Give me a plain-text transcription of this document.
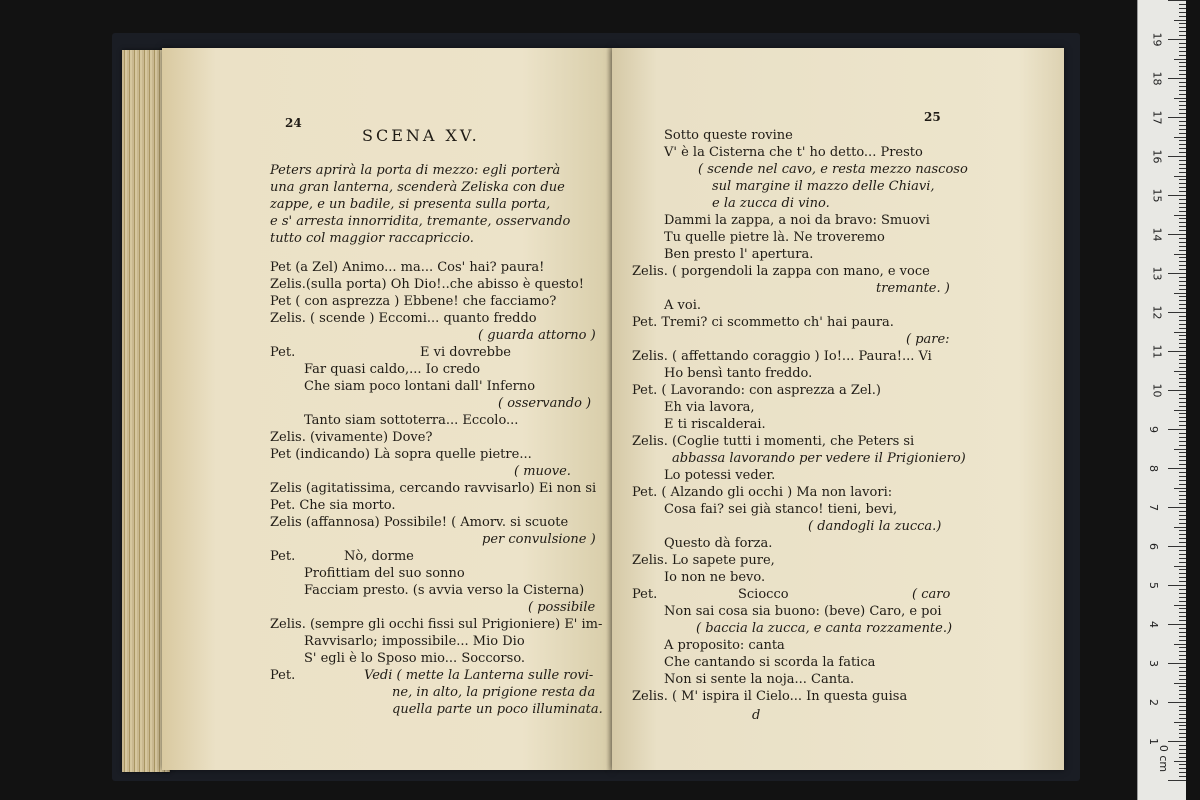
24
SCENA XV.
Peters aprirà la porta di mezzo: egli porterà
una gran lanterna, scenderà Zeliska con due
zappe, e un badile, si presenta sulla porta,
e s' arresta innorridita, tremante, osservando
tutto col maggior raccapriccio.
Pet (a Zel) Animo... ma... Cos' hai? paura!
Zelis.(sulla porta) Oh Dio!..che abisso è questo!
Pet ( con asprezza ) Ebbene! che facciamo?
Zelis. ( scende ) Eccomi... quanto freddo
( guarda attorno )
Pet.	E vi dovrebbe
Far quasi caldo,... Io credo
Che siam poco lontani dall' Inferno
( osservando )
Tanto siam sottoterra... Eccolo...
Zelis. (vivamente) Dove?
Pet (indicando) Là sopra quelle pietre...
( muove.
Zelis (agitatissima, cercando ravvisarlo) Ei non si
Pet. Che sia morto.
Zelis (affannosa) Possibile! ( Amorv. si scuote
per convulsione )
Pet.	Nò, dorme
Profittiam del suo sonno
Facciam presto. (s avvia verso la Cisterna)
( possibile
Zelis. (sempre gli occhi fissi sul Prigioniere) E' im-
Ravvisarlo; impossibile... Mio Dio
S' egli è lo Sposo mio... Soccorso.
Pet.	Vedi ( mette la Lanterna sulle rovi-
ne, in alto, la prigione resta da
quella parte un poco illuminata.
25
Sotto queste rovine
V' è la Cisterna che t' ho detto... Presto
( scende nel cavo, e resta mezzo nascoso
sul margine il mazzo delle Chiavi,
e la zucca di vino.
Dammi la zappa, a noi da bravo: Smuovi
Tu quelle pietre là. Ne troveremo
Ben presto l' apertura.
Zelis. ( porgendoli la zappa con mano, e voce
tremante. )
A voi.
Pet. Tremi? ci scommetto ch' hai paura.
( pare:
Zelis. ( affettando coraggio ) Io!... Paura!... Vi
Ho bensì tanto freddo.
Pet. ( Lavorando: con asprezza a Zel.)
Eh via lavora,
E ti riscalderai.
Zelis. (Coglie tutti i momenti, che Peters si
abbassa lavorando per vedere il Prigioniero)
Lo potessi veder.
Pet. ( Alzando gli occhi ) Ma non lavori:
Cosa fai? sei già stanco! tieni, bevi,
( dandogli la zucca.)
Questo dà forza.
Zelis. Lo sapete pure,
Io non ne bevo.
Pet.	Sciocco	( caro
Non sai cosa sia buono: (beve) Caro, e poi
( baccia la zucca, e canta rozzamente.)
A proposito: canta
Che cantando si scorda la fatica
Non si sente la noja... Canta.
Zelis. ( M' ispira il Cielo... In questa guisa
d
0 cm
1
2
3
4
5
6
7
8
9
10
11
12
13
14
15
16
17
18
19
